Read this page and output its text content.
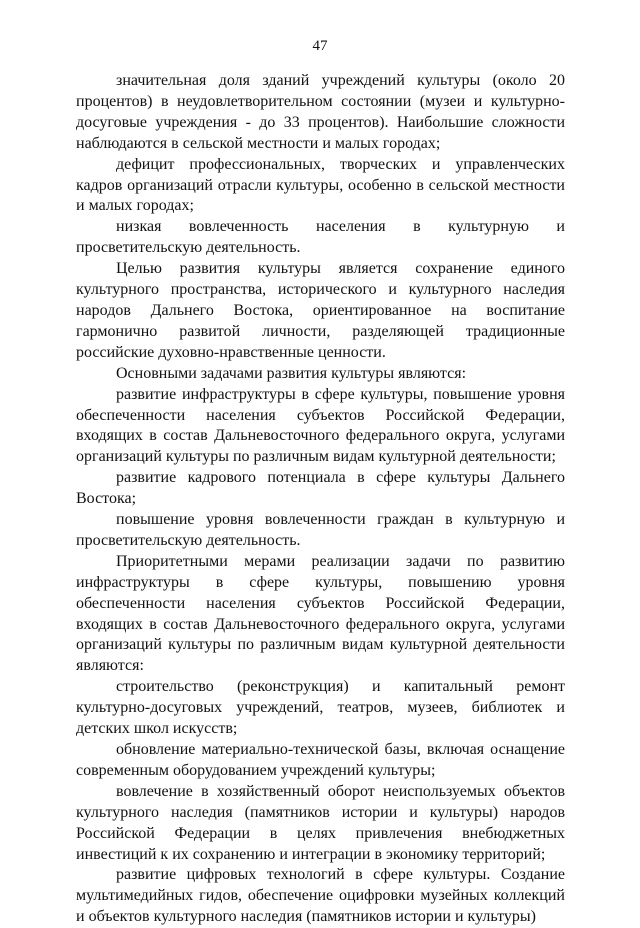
47

значительная доля зданий учреждений культуры (около 20 процентов) в неудовлетворительном состоянии (музеи и культурно-досуговые учреждения - до 33 процентов). Наибольшие сложности наблюдаются в сельской местности и малых городах;

дефицит профессиональных, творческих и управленческих кадров организаций отрасли культуры, особенно в сельской местности и малых городах;

низкая вовлеченность населения в культурную и просветительскую деятельность.

Целью развития культуры является сохранение единого культурного пространства, исторического и культурного наследия народов Дальнего Востока, ориентированное на воспитание гармонично развитой личности, разделяющей традиционные российские духовно-нравственные ценности.

Основными задачами развития культуры являются:

развитие инфраструктуры в сфере культуры, повышение уровня обеспеченности населения субъектов Российской Федерации, входящих в состав Дальневосточного федерального округа, услугами организаций культуры по различным видам культурной деятельности;

развитие кадрового потенциала в сфере культуры Дальнего Востока;

повышение уровня вовлеченности граждан в культурную и просветительскую деятельность.

Приоритетными мерами реализации задачи по развитию инфраструктуры в сфере культуры, повышению уровня обеспеченности населения субъектов Российской Федерации, входящих в состав Дальневосточного федерального округа, услугами организаций культуры по различным видам культурной деятельности являются:

строительство (реконструкция) и капитальный ремонт культурно-досуговых учреждений, театров, музеев, библиотек и детских школ искусств;

обновление материально-технической базы, включая оснащение современным оборудованием учреждений культуры;

вовлечение в хозяйственный оборот неиспользуемых объектов культурного наследия (памятников истории и культуры) народов Российской Федерации в целях привлечения внебюджетных инвестиций к их сохранению и интеграции в экономику территорий;

развитие цифровых технологий в сфере культуры. Создание мультимедийных гидов, обеспечение оцифровки музейных коллекций и объектов культурного наследия (памятников истории и культуры)
